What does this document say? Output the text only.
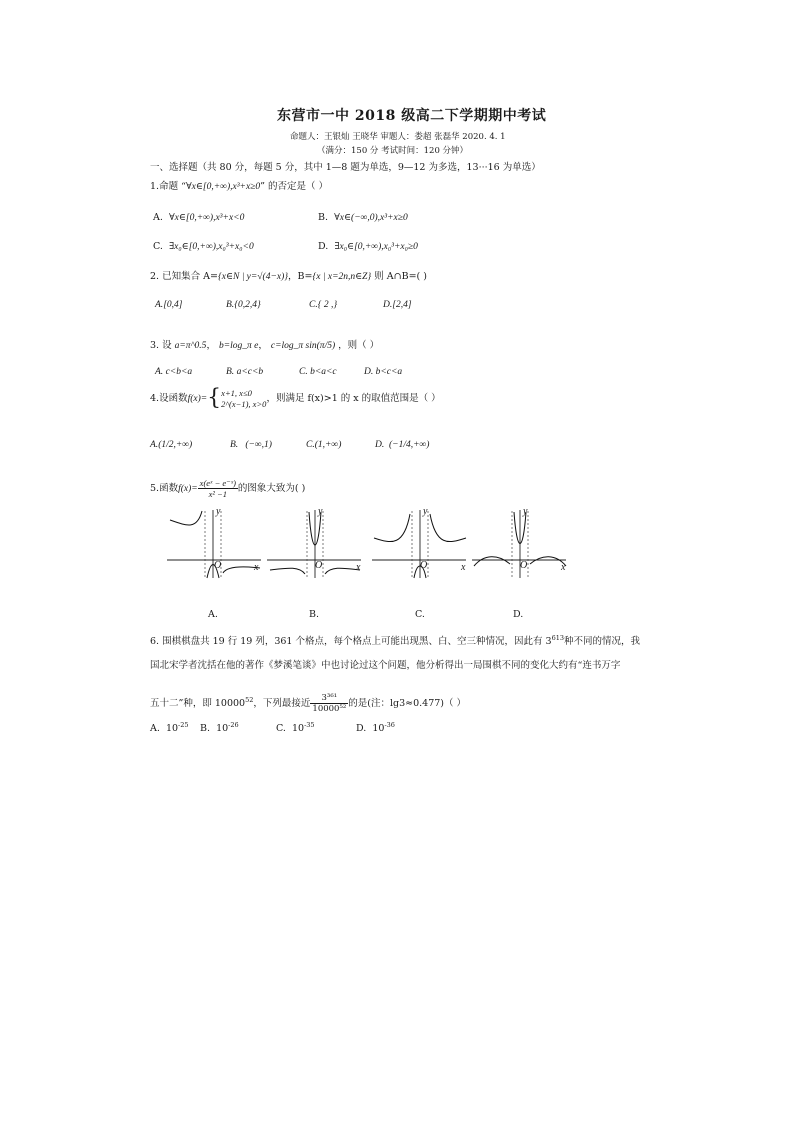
东营市一中 2018 级高二下学期期中考试
命题人：王银灿 王晓华 审题人：娄超 张磊华 2020. 4. 1
（满分：150 分 考试时间：120 分钟）
一、选择题（共 80 分，每题 5 分，其中 1—8 题为单选，9—12 为多选，13···16 为单选）
1.命题 “∀x∈[0,+∞),x³+x≥0” 的否定是（ ）
A. ∀x∈[0,+∞),x³+x<0	B. ∀x∈(−∞,0),x³+x≥0
C. ∃x₀∈[0,+∞),x₀³+x₀<0	D. ∃x₀∈[0,+∞),x₀³+x₀≥0
2. 已知集合 A={x∈N | y=√(4−x)}，B={x | x=2n,n∈Z} 则 A∩B=( )
A.[0,4]	B.{0,2,4}	C.{ 2 ,}	D.[2,4]
3. 设 a=π^0.5， b=log_π e， c=log_π sin(π/5) ，则（ ）
A. c<b<a	B. a<c<b	C. b<a<c	D. b<c<a
4.设函数f(x)={x+1, x≤0
2^(x−1), x>0，则满足 f(x)>1 的 x 的取值范围是（ ）
A.(1/2,+∞)	B. (−∞,1)	C.(1,+∞)	D. (−1/4,+∞)
5.函数$f(x)= \frac{\text{x(eˣ − e⁻ˣ)}}{\text{x² −1}}$ 的图象大致为( )
y
x
O
y
x
O
y
x
O
y
x
O
A.	B.	C.	D.
6. 围棋棋盘共 19 行 19 列，361 个格点，每个格点上可能出现黑、白、空三种情况，因此有 $3^{613}$种不同的情况，我
国北宋学者沈括在他的著作《梦溪笔谈》中也讨论过这个问题，他分析得出一局围棋不同的变化大约有“连书万字
五十二”种，即 10000$^{52}$，下列最接近 $\frac{\text{3³⁶¹}}{\text{10000⁵²}}$ 的是(注：lg3≈0.477)（ ）
A. $10^{-25}$ B. $10^{-26}$	C. $10^{-35}$	D. $10^{-36}$
